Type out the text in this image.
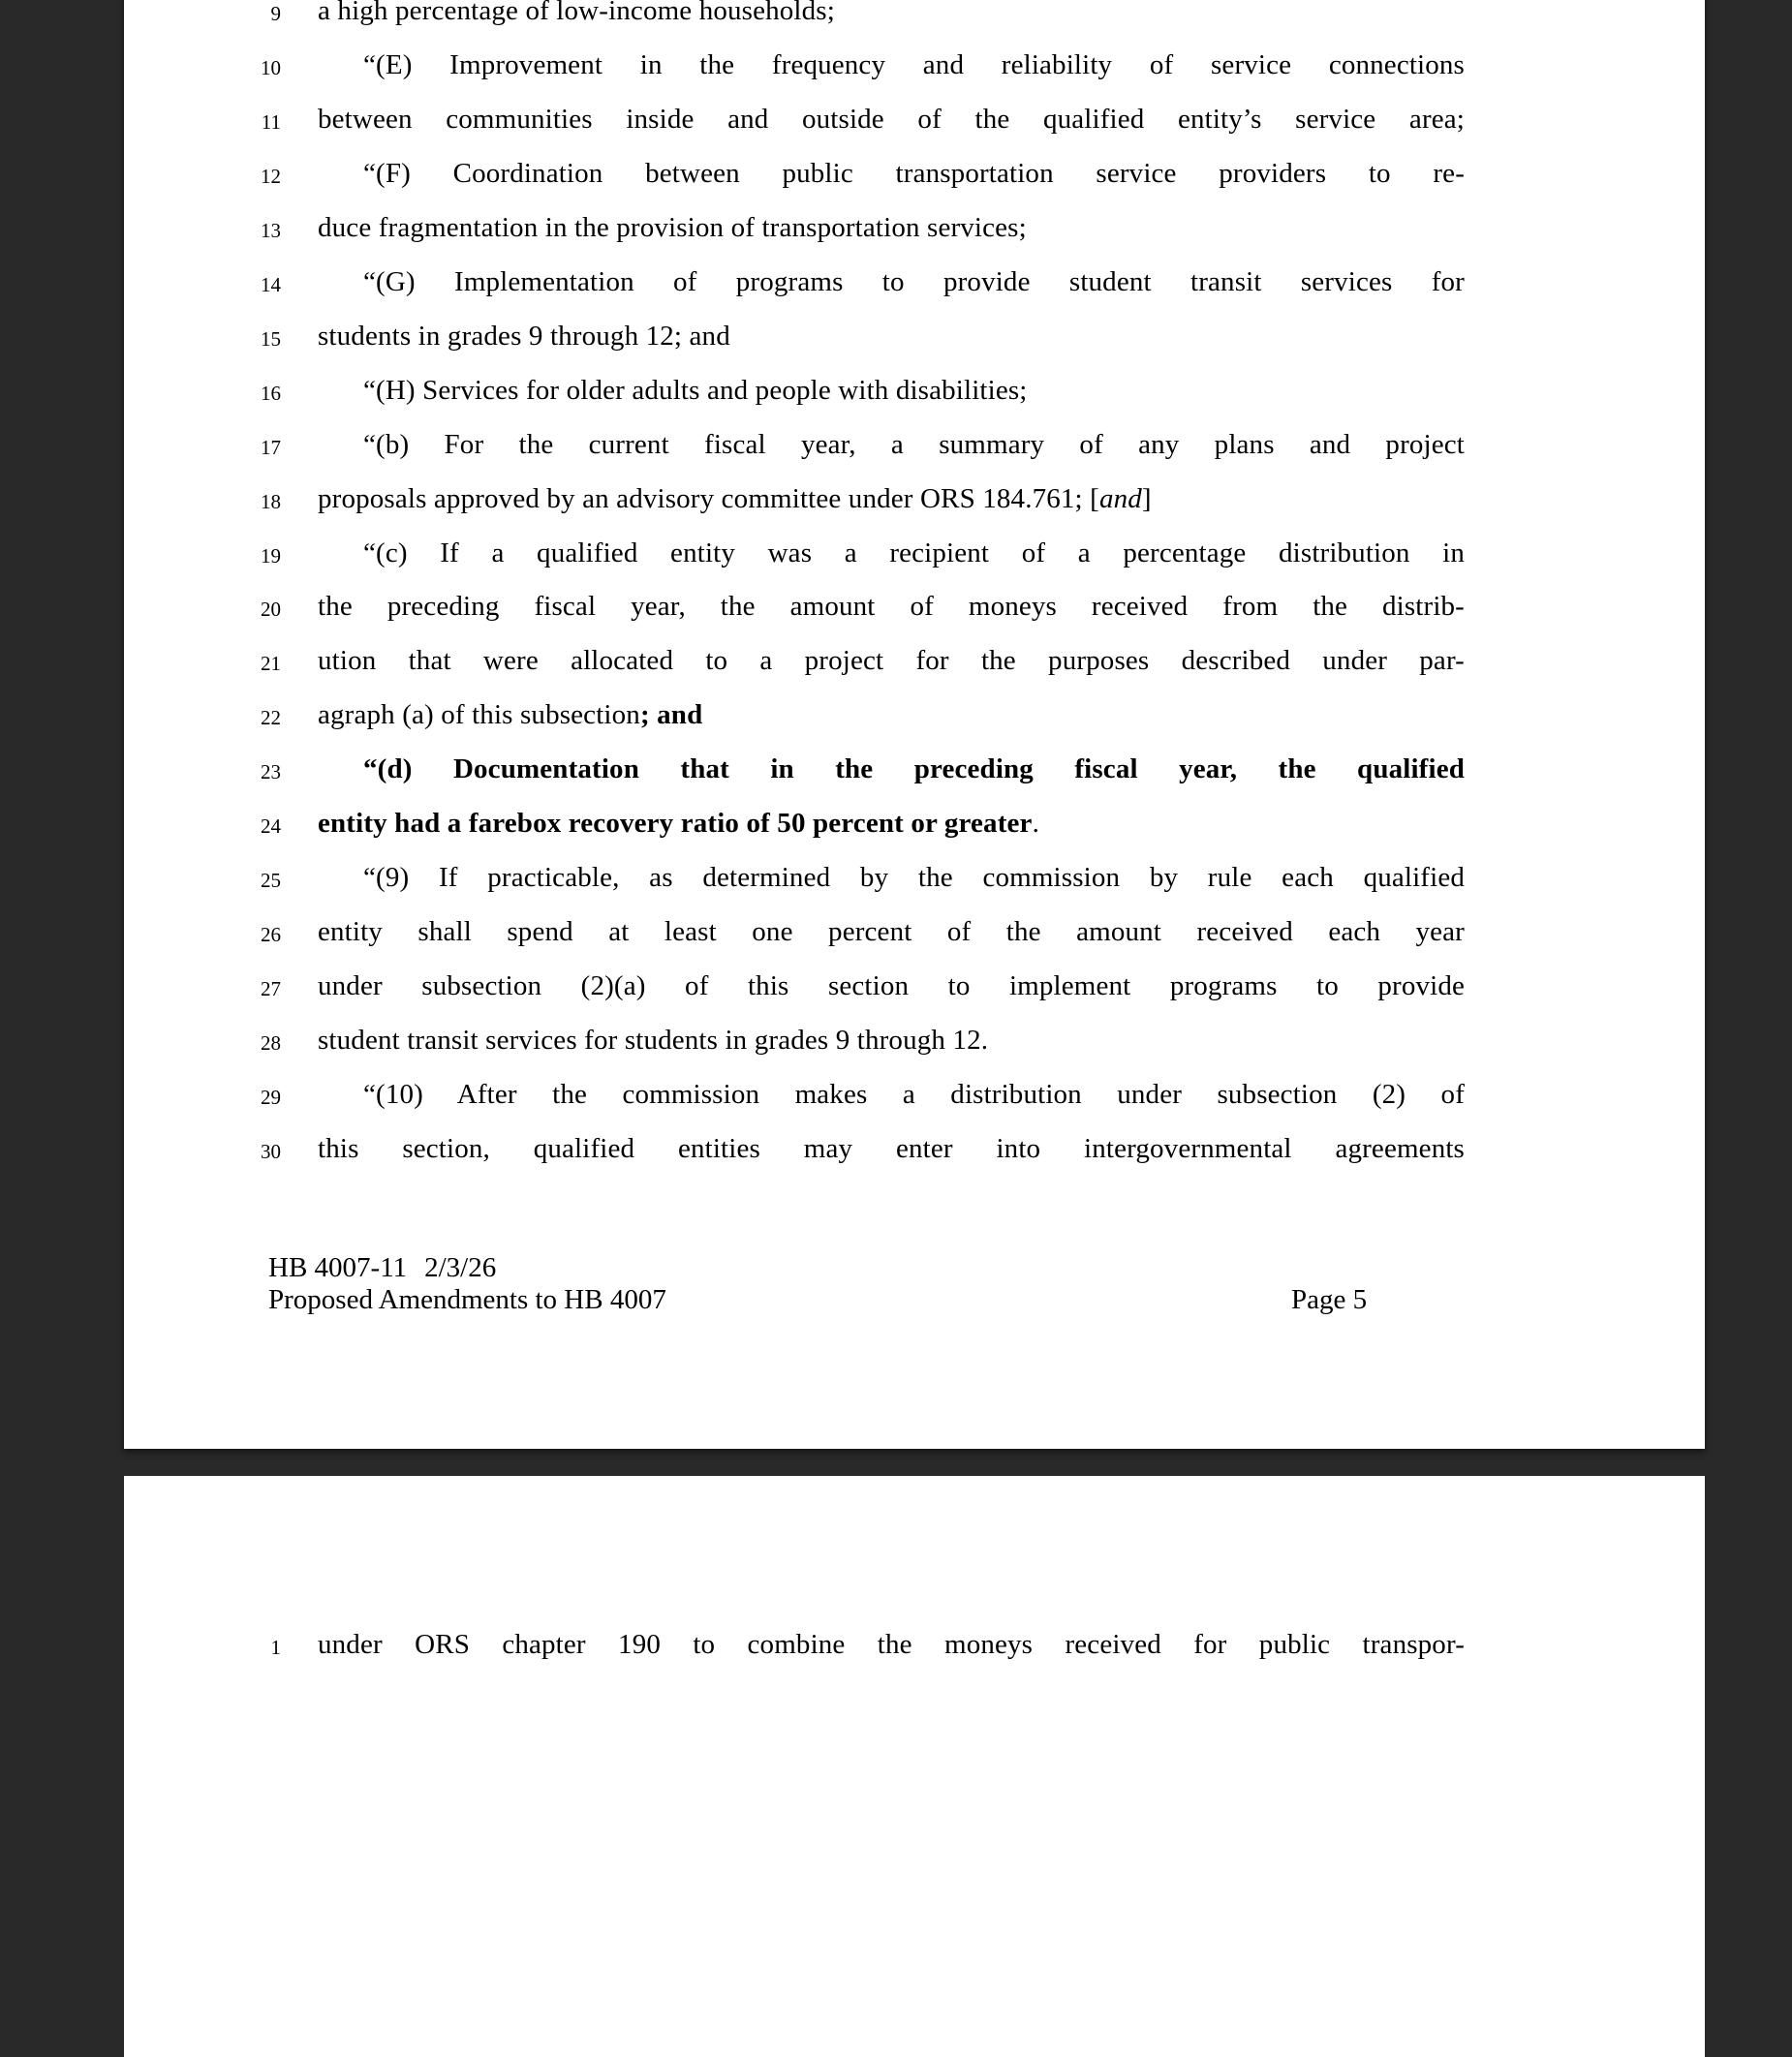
9 a high percentage of low-income households;
10	“(E) Improvement in the frequency and reliability of service connections
11 between communities inside and outside of the qualified entity’s service area;
12	“(F) Coordination between public transportation service providers to re-
13 duce fragmentation in the provision of transportation services;
14	“(G) Implementation of programs to provide student transit services for
15 students in grades 9 through 12; and
16	“(H) Services for older adults and people with disabilities;
17	“(b) For the current fiscal year, a summary of any plans and project
18 proposals approved by an advisory committee under ORS 184.761; [and]
19	“(c) If a qualified entity was a recipient of a percentage distribution in
20 the preceding fiscal year, the amount of moneys received from the distrib-
21 ution that were allocated to a project for the purposes described under par-
22 agraph (a) of this subsection; and
23	“(d) Documentation that in the preceding fiscal year, the qualified
24 entity had a farebox recovery ratio of 50 percent or greater.
25	“(9) If practicable, as determined by the commission by rule each qualified
26 entity shall spend at least one percent of the amount received each year
27 under subsection (2)(a) of this section to implement programs to provide
28 student transit services for students in grades 9 through 12.
29	“(10) After the commission makes a distribution under subsection (2) of
30 this section, qualified entities may enter into intergovernmental agreements
HB 4007-11 2/3/26
Proposed Amendments to HB 4007	Page 5
1 under ORS chapter 190 to combine the moneys received for public transpor-
